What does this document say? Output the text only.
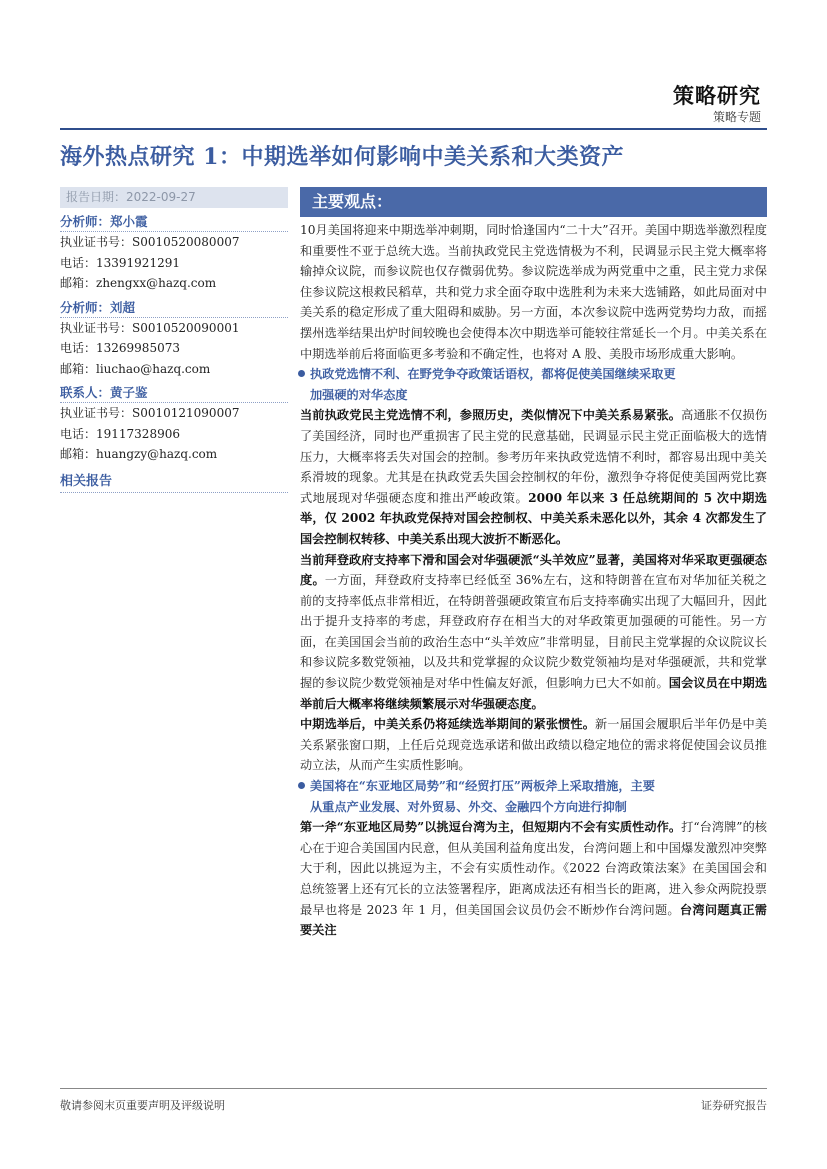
策略研究
策略专题
海外热点研究 1：中期选举如何影响中美关系和大类资产
报告日期：2022-09-27
分析师：郑小霞
执业证书号：S0010520080007
电话：13391921291
邮箱：zhengxx@hazq.com
分析师：刘超
执业证书号：S0010520090001
电话：13269985073
邮箱：liuchao@hazq.com
联系人：黄子鉴
执业证书号：S0010121090007
电话：19117328906
邮箱：huangzy@hazq.com
相关报告
主要观点：

10月美国将迎来中期选举冲刺期，同时恰逢国内“二十大”召开。美国中期选举激烈程度和重要性不亚于总统大选。当前执政党民主党选情极为不利，民调显示民主党大概率将输掉众议院，而参议院也仅存微弱优势。参议院选举成为两党重中之重，民主党力求保住参议院这根救民稻草，共和党力求全面夺取中选胜利为未来大选铺路，如此局面对中美关系的稳定形成了重大阻碍和威胁。另一方面，本次参议院中选两党势均力敌，而摇摆州选举结果出炉时间较晚也会使得本次中期选举可能较往常延长一个月。中美关系在中期选举前后将面临更多考验和不确定性，也将对 A 股、美股市场形成重大影响。

执政党选情不利、在野党争夺政策话语权，都将促使美国继续采取更
加强硬的对华态度

当前执政党民主党选情不利，参照历史，类似情况下中美关系易紧张。高通胀不仅损伤了美国经济，同时也严重损害了民主党的民意基础，民调显示民主党正面临极大的选情压力，大概率将丢失对国会的控制。参考历年来执政党选情不利时，都容易出现中美关系滑坡的现象。尤其是在执政党丢失国会控制权的年份，激烈争夺将促使美国两党比赛式地展现对华强硬态度和推出严峻政策。2000 年以来 3 任总统期间的 5 次中期选举，仅 2002 年执政党保持对国会控制权、中美关系未恶化以外，其余 4 次都发生了国会控制权转移、中美关系出现大波折不断恶化。

当前拜登政府支持率下滑和国会对华强硬派“头羊效应”显著，美国将对华采取更强硬态度。一方面，拜登政府支持率已经低至 36%左右，这和特朗普在宣布对华加征关税之前的支持率低点非常相近，在特朗普强硬政策宣布后支持率确实出现了大幅回升，因此出于提升支持率的考虑，拜登政府存在相当大的对华政策更加强硬的可能性。另一方面，在美国国会当前的政治生态中“头羊效应”非常明显，目前民主党掌握的众议院议长和参议院多数党领袖，以及共和党掌握的众议院少数党领袖均是对华强硬派，共和党掌握的参议院少数党领袖是对华中性偏友好派，但影响力已大不如前。国会议员在中期选举前后大概率将继续频繁展示对华强硬态度。

中期选举后，中美关系仍将延续选举期间的紧张惯性。新一届国会履职后半年仍是中美关系紧张窗口期，上任后兑现竞选承诺和做出政绩以稳定地位的需求将促使国会议员推动立法，从而产生实质性影响。

美国将在“东亚地区局势”和“经贸打压”两板斧上采取措施，主要
从重点产业发展、对外贸易、外交、金融四个方向进行抑制

第一斧“东亚地区局势”以挑逗台湾为主，但短期内不会有实质性动作。打“台湾牌”的核心在于迎合美国国内民意，但从美国利益角度出发，台湾问题上和中国爆发激烈冲突弊大于利，因此以挑逗为主，不会有实质性动作。《2022 台湾政策法案》在美国国会和总统签署上还有冗长的立法签署程序，距离成法还有相当长的距离，进入参众两院投票最早也将是 2023 年 1 月，但美国国会议员仍会不断炒作台湾问题。台湾问题真正需要关注

敬请参阅末页重要声明及评级说明	证券研究报告
